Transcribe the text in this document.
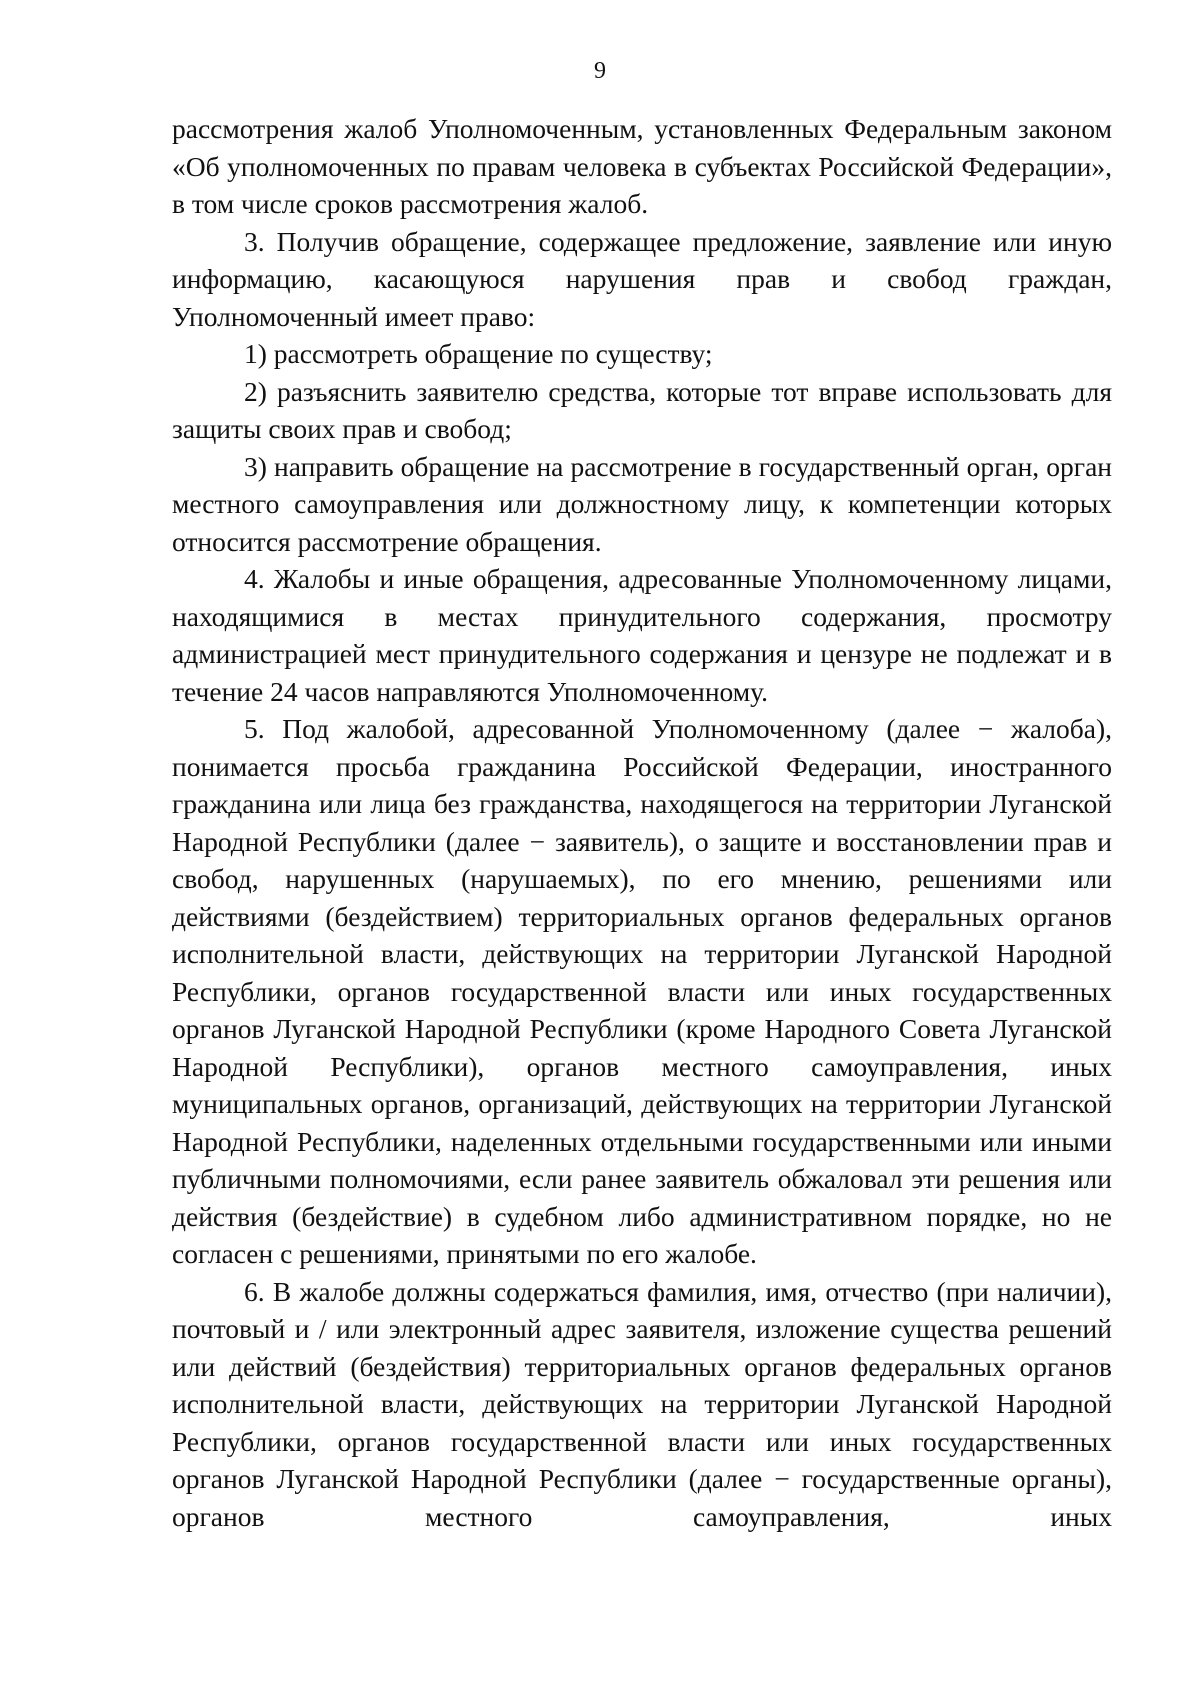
9

рассмотрения жалоб Уполномоченным, установленных Федеральным законом «Об уполномоченных по правам человека в субъектах Российской Федерации», в том числе сроков рассмотрения жалоб.

3. Получив обращение, содержащее предложение, заявление или иную информацию, касающуюся нарушения прав и свобод граждан, Уполномоченный имеет право:

1) рассмотреть обращение по существу;

2) разъяснить заявителю средства, которые тот вправе использовать для защиты своих прав и свобод;

3) направить обращение на рассмотрение в государственный орган, орган местного самоуправления или должностному лицу, к компетенции которых относится рассмотрение обращения.

4. Жалобы и иные обращения, адресованные Уполномоченному лицами, находящимися в местах принудительного содержания, просмотру администрацией мест принудительного содержания и цензуре не подлежат и в течение 24 часов направляются Уполномоченному.

5. Под жалобой, адресованной Уполномоченному (далее − жалоба), понимается просьба гражданина Российской Федерации, иностранного гражданина или лица без гражданства, находящегося на территории Луганской Народной Республики (далее − заявитель), о защите и восстановлении прав и свобод, нарушенных (нарушаемых), по его мнению, решениями или действиями (бездействием) территориальных органов федеральных органов исполнительной власти, действующих на территории Луганской Народной Республики, органов государственной власти или иных государственных органов Луганской Народной Республики (кроме Народного Совета Луганской Народной Республики), органов местного самоуправления, иных муниципальных органов, организаций, действующих на территории Луганской Народной Республики, наделенных отдельными государственными или иными публичными полномочиями, если ранее заявитель обжаловал эти решения или действия (бездействие) в судебном либо административном порядке, но не согласен с решениями, принятыми по его жалобе.

6. В жалобе должны содержаться фамилия, имя, отчество (при наличии), почтовый и / или электронный адрес заявителя, изложение существа решений или действий (бездействия) территориальных органов федеральных органов исполнительной власти, действующих на территории Луганской Народной Республики, органов государственной власти или иных государственных органов Луганской Народной Республики (далее − государственные органы), органов местного самоуправления, иных
